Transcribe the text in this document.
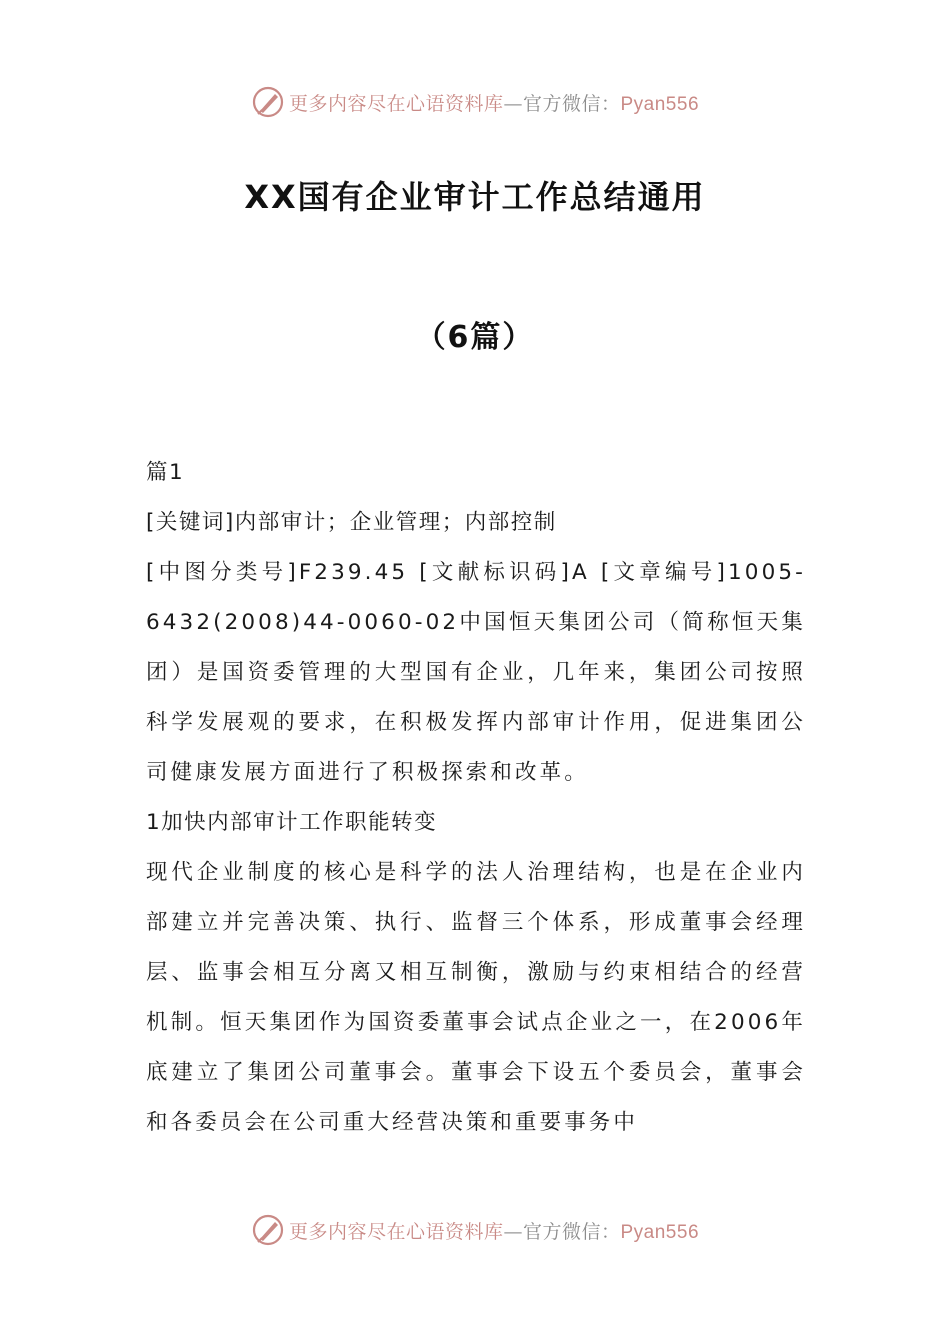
更多内容尽在心语资料库—官方微信：Pyan556
XX国有企业审计工作总结通用
（6篇）

篇1

[关键词]内部审计；企业管理；内部控制

[中图分类号]F239.45 [文献标识码]A [文章编号]1005-6432(2008)44-0060-02中国恒天集团公司（简称恒天集团）是国资委管理的大型国有企业，几年来，集团公司按照科学发展观的要求，在积极发挥内部审计作用，促进集团公司健康发展方面进行了积极探索和改革。

1加快内部审计工作职能转变

现代企业制度的核心是科学的法人治理结构，也是在企业内部建立并完善决策、执行、监督三个体系，形成董事会经理层、监事会相互分离又相互制衡，激励与约束相结合的经营机制。恒天集团作为国资委董事会试点企业之一，在2006年底建立了集团公司董事会。董事会下设五个委员会，董事会和各委员会在公司重大经营决策和重要事务中

更多内容尽在心语资料库—官方微信：Pyan556
